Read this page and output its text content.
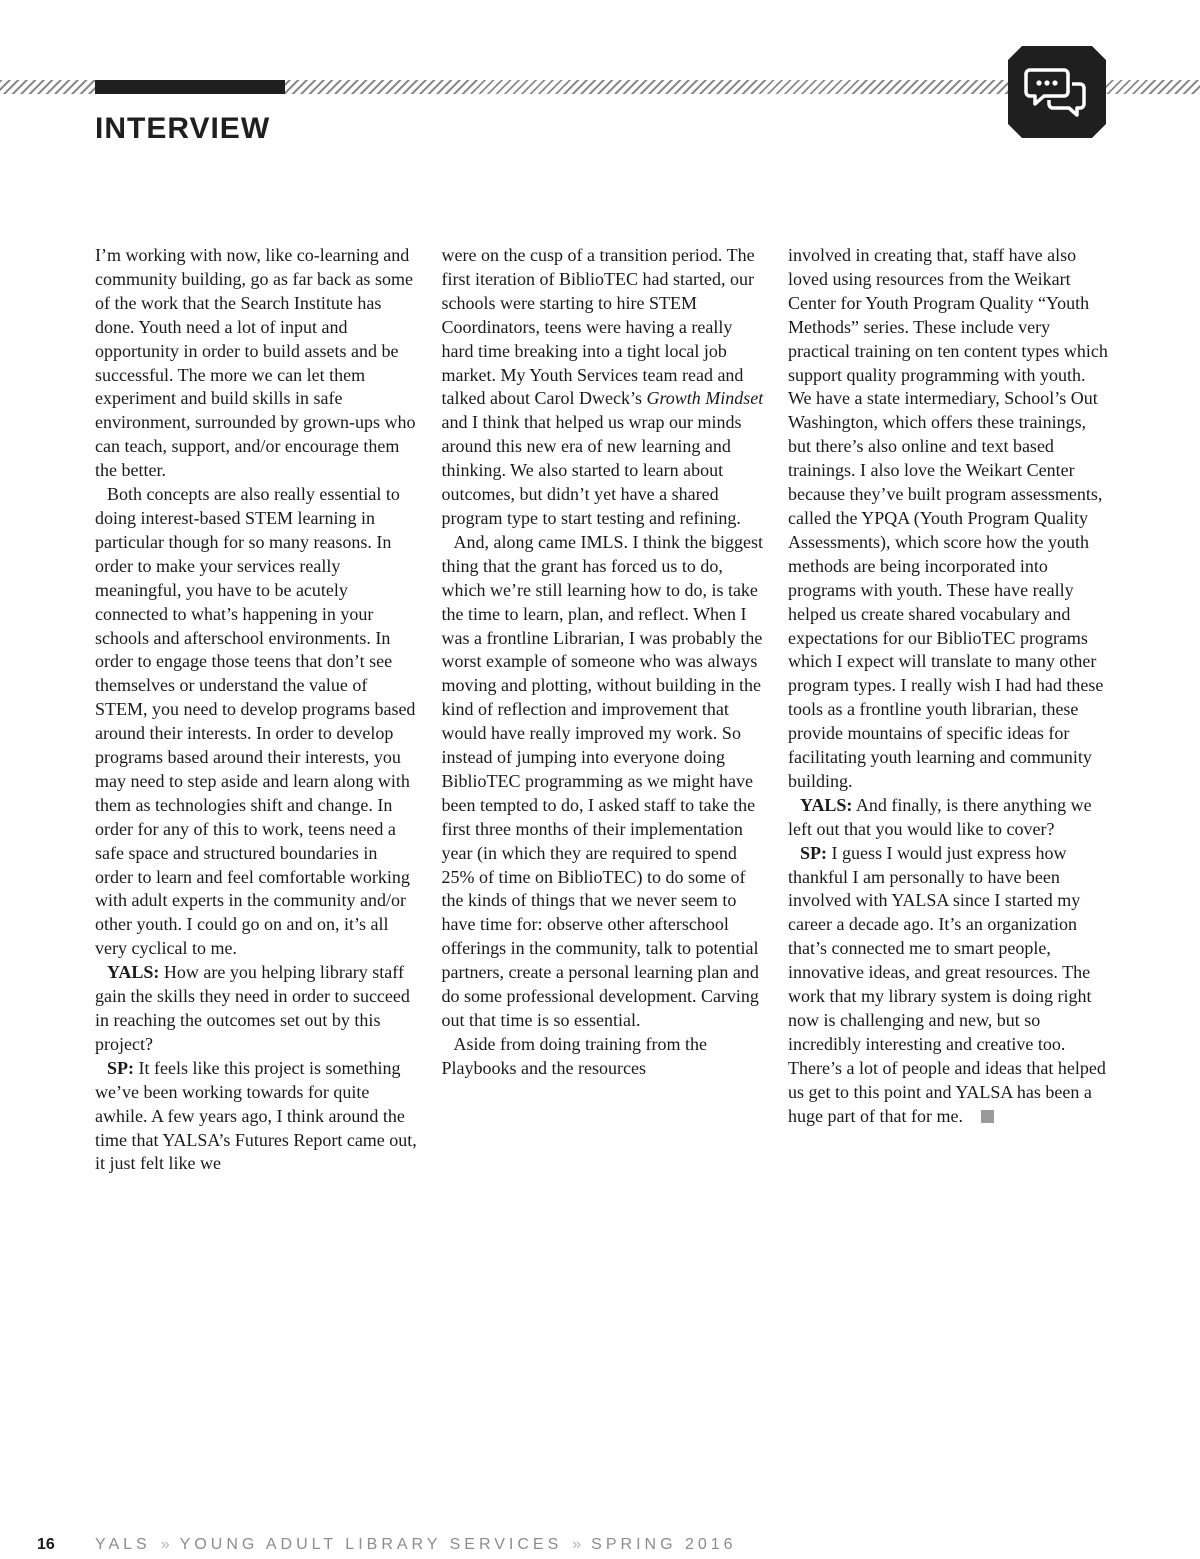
INTERVIEW

I’m working with now, like co-learning and community building, go as far back as some of the work that the Search Institute has done. Youth need a lot of input and opportunity in order to build assets and be successful. The more we can let them experiment and build skills in safe environment, surrounded by grown-ups who can teach, support, and/or encourage them the better.

Both concepts are also really essential to doing interest-based STEM learning in particular though for so many reasons. In order to make your services really meaningful, you have to be acutely connected to what’s happening in your schools and afterschool environments. In order to engage those teens that don’t see themselves or understand the value of STEM, you need to develop programs based around their interests. In order to develop programs based around their interests, you may need to step aside and learn along with them as technologies shift and change. In order for any of this to work, teens need a safe space and structured boundaries in order to learn and feel comfortable working with adult experts in the community and/or other youth. I could go on and on, it’s all very cyclical to me.

YALS: How are you helping library staff gain the skills they need in order to succeed in reaching the outcomes set out by this project?

SP: It feels like this project is something we’ve been working towards for quite awhile. A few years ago, I think around the time that YALSA’s Futures Report came out, it just felt like we

were on the cusp of a transition period. The first iteration of BiblioTEC had started, our schools were starting to hire STEM Coordinators, teens were having a really hard time breaking into a tight local job market. My Youth Services team read and talked about Carol Dweck’s Growth Mindset and I think that helped us wrap our minds around this new era of new learning and thinking. We also started to learn about outcomes, but didn’t yet have a shared program type to start testing and refining.

And, along came IMLS. I think the biggest thing that the grant has forced us to do, which we’re still learning how to do, is take the time to learn, plan, and reflect. When I was a frontline Librarian, I was probably the worst example of someone who was always moving and plotting, without building in the kind of reflection and improvement that would have really improved my work. So instead of jumping into everyone doing BiblioTEC programming as we might have been tempted to do, I asked staff to take the first three months of their implementation year (in which they are required to spend 25% of time on BiblioTEC) to do some of the kinds of things that we never seem to have time for: observe other afterschool offerings in the community, talk to potential partners, create a personal learning plan and do some professional development. Carving out that time is so essential.

Aside from doing training from the Playbooks and the resources

involved in creating that, staff have also loved using resources from the Weikart Center for Youth Program Quality “Youth Methods” series. These include very practical training on ten content types which support quality programming with youth. We have a state intermediary, School’s Out Washington, which offers these trainings, but there’s also online and text based trainings. I also love the Weikart Center because they’ve built program assessments, called the YPQA (Youth Program Quality Assessments), which score how the youth methods are being incorporated into programs with youth. These have really helped us create shared vocabulary and expectations for our BiblioTEC programs which I expect will translate to many other program types. I really wish I had had these tools as a frontline youth librarian, these provide mountains of specific ideas for facilitating youth learning and community building.

YALS: And finally, is there anything we left out that you would like to cover?

SP: I guess I would just express how thankful I am personally to have been involved with YALSA since I started my career a decade ago. It’s an organization that’s connected me to smart people, innovative ideas, and great resources. The work that my library system is doing right now is challenging and new, but so incredibly interesting and creative too. There’s a lot of people and ideas that helped us get to this point and YALSA has been a huge part of that for me.

16	YALS » YOUNG ADULT LIBRARY SERVICES » SPRING 2016
